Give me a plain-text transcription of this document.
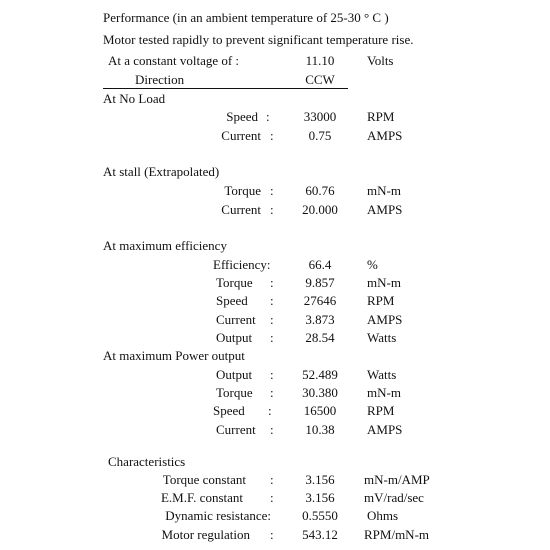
Performance (in an ambient temperature of 25-30 ° C )
Motor tested rapidly to prevent significant temperature rise.
At a constant voltage of :	11.10	Volts
Direction	CCW
At No Load
Speed :	33000	RPM
Current :	0.75	AMPS
At stall (Extrapolated)
Torque :	60.76	mN-m
Current :	20.000	AMPS
At maximum efficiency
Efficiency:	66.4	%
Torque :	9.857	mN-m
Speed :	27646	RPM
Current :	3.873	AMPS
Output :	28.54	Watts
At maximum Power output
Output :	52.489	Watts
Torque :	30.380	mN-m
Speed :	16500	RPM
Current :	10.38	AMPS
Characteristics
Torque constant :	3.156	mN-m/AMP
E.M.F. constant :	3.156	mV/rad/sec
Dynamic resistance:	0.5550	Ohms
Motor regulation :	543.12	RPM/mN-m
